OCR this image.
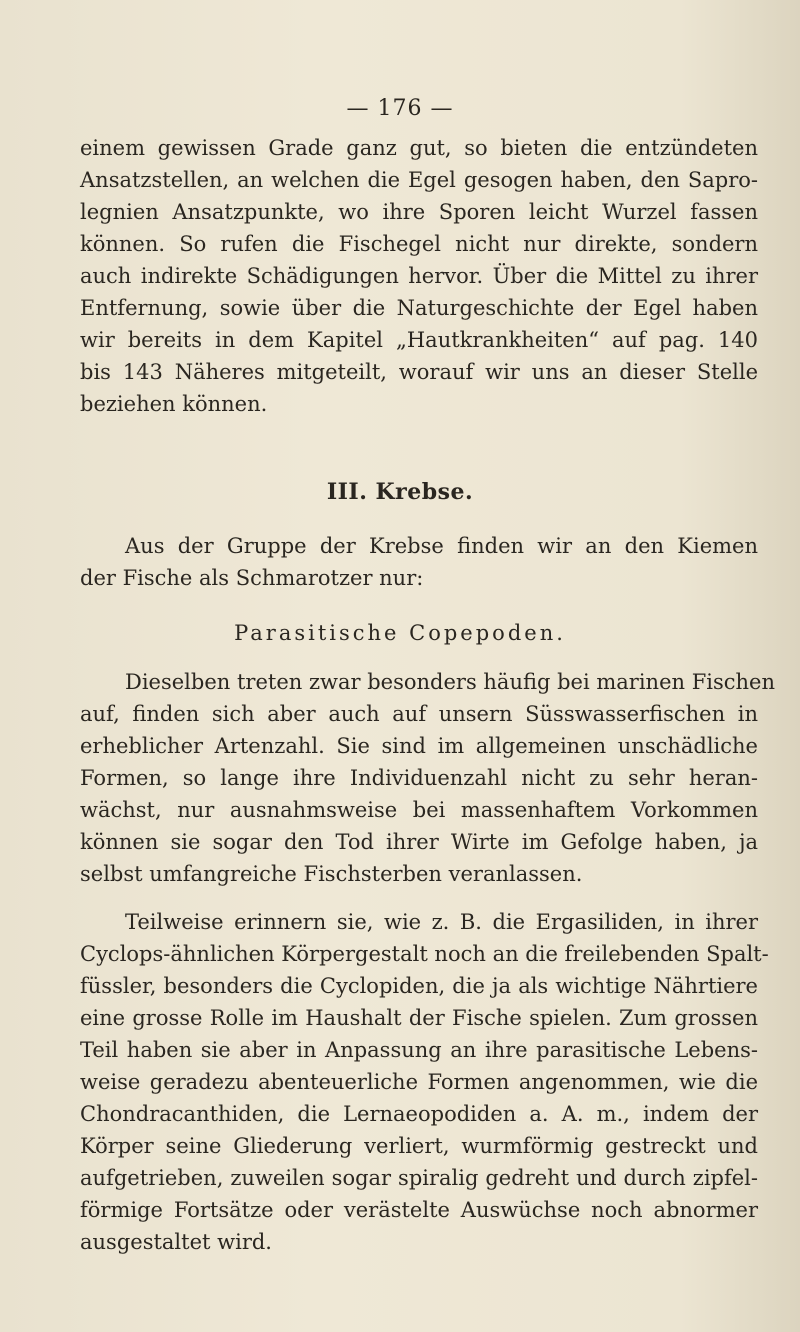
— 176 —
einem gewissen Grade ganz gut, so bieten die entzündeten
Ansatzstellen, an welchen die Egel gesogen haben, den Sapro-
legnien Ansatzpunkte, wo ihre Sporen leicht Wurzel fassen
können. So rufen die Fischegel nicht nur direkte, sondern
auch indirekte Schädigungen hervor. Über die Mittel zu ihrer
Entfernung, sowie über die Naturgeschichte der Egel haben
wir bereits in dem Kapitel „Hautkrankheiten“ auf pag. 140
bis 143 Näheres mitgeteilt, worauf wir uns an dieser Stelle
beziehen können.
III. Krebse.
Aus der Gruppe der Krebse finden wir an den Kiemen
der Fische als Schmarotzer nur:
Parasitische Copepoden.
Dieselben treten zwar besonders häufig bei marinen Fischen
auf, finden sich aber auch auf unsern Süsswasserfischen in
erheblicher Artenzahl. Sie sind im allgemeinen unschädliche
Formen, so lange ihre Individuenzahl nicht zu sehr heran-
wächst, nur ausnahmsweise bei massenhaftem Vorkommen
können sie sogar den Tod ihrer Wirte im Gefolge haben, ja
selbst umfangreiche Fischsterben veranlassen.
Teilweise erinnern sie, wie z. B. die Ergasiliden, in ihrer
Cyclops-ähnlichen Körpergestalt noch an die freilebenden Spalt-
füssler, besonders die Cyclopiden, die ja als wichtige Nährtiere
eine grosse Rolle im Haushalt der Fische spielen. Zum grossen
Teil haben sie aber in Anpassung an ihre parasitische Lebens-
weise geradezu abenteuerliche Formen angenommen, wie die
Chondracanthiden, die Lernaeopodiden a. A. m., indem der
Körper seine Gliederung verliert, wurmförmig gestreckt und
aufgetrieben, zuweilen sogar spiralig gedreht und durch zipfel-
förmige Fortsätze oder verästelte Auswüchse noch abnormer
ausgestaltet wird.
